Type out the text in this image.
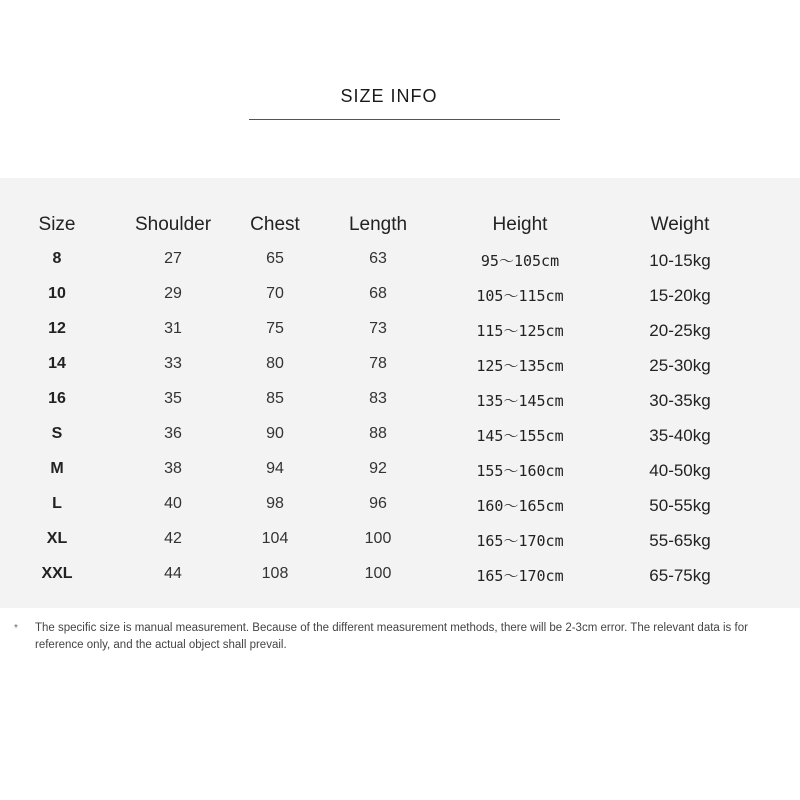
SIZE INFO
Size	Shoulder Chest	Length	Height	Weight
8	27	65	63	95～105cm	10-15kg
10	29	70	68	105～115cm	15-20kg
12	31	75	73	115～125cm	20-25kg
14	33	80	78	125～135cm	25-30kg
16	35	85	83	135～145cm	30-35kg
S	36	90	88	145～155cm	35-40kg
M	38	94	92	155～160cm	40-50kg
L	40	98	96	160～165cm	50-55kg
XL	42	104	100	165～170cm	55-65kg
XXL	44	108	100	165～170cm	65-75kg
* The specific size is manual measurement. Because of the different measurement methods, there will be 2-3cm error. The relevant data is for reference only, and the actual object shall prevail.
